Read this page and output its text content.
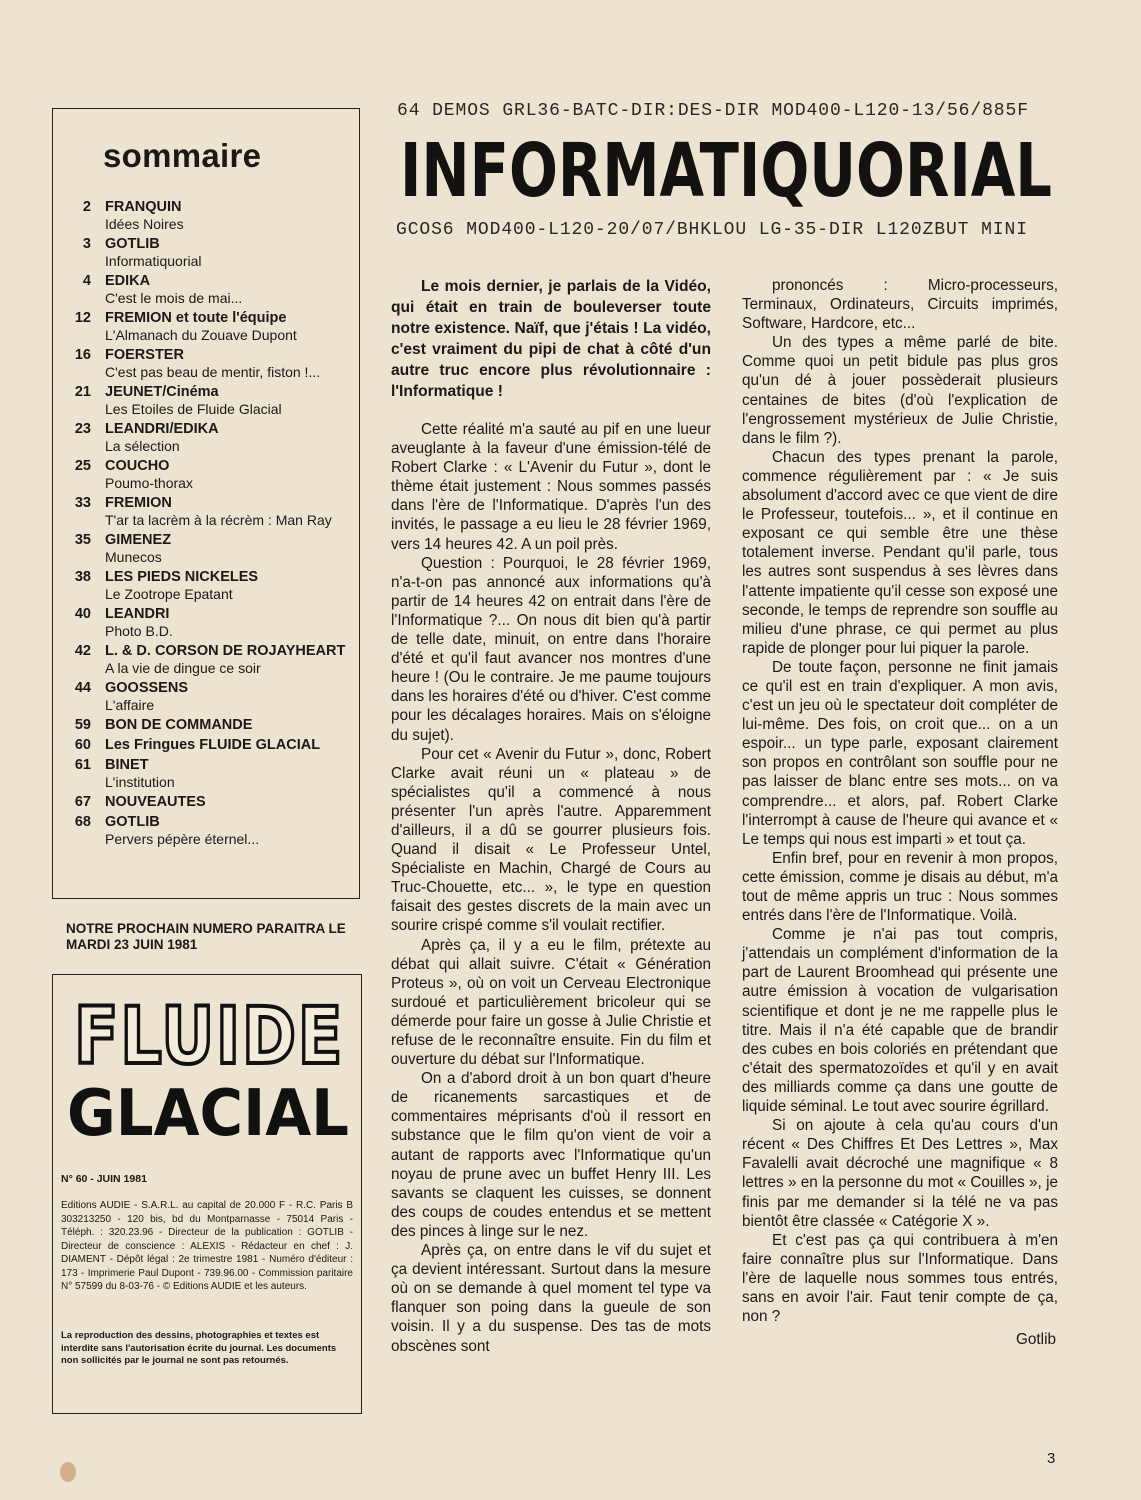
sommaire
2 FRANQUIN
Idées Noires
3 GOTLIB
Informatiquorial
4 EDIKA
C'est le mois de mai...
12 FREMION et toute l'équipe
L'Almanach du Zouave Dupont
16 FOERSTER
C'est pas beau de mentir, fiston !...
21 JEUNET/Cinéma
Les Etoiles de Fluide Glacial
23 LEANDRI/EDIKA
La sélection
25 COUCHO
Poumo-thorax
33 FREMION
T'ar ta lacrèm à la récrèm : Man Ray
35 GIMENEZ
Munecos
38 LES PIEDS NICKELES
Le Zootrope Epatant
40 LEANDRI
Photo B.D.
42 L. & D. CORSON DE ROJAYHEART
A la vie de dingue ce soir
44 GOOSSENS
L'affaire
59 BON DE COMMANDE
60 Les Fringues FLUIDE GLACIAL
61 BINET
L'institution
67 NOUVEAUTES
68 GOTLIB
Pervers pépère éternel...
NOTRE PROCHAIN NUMERO PARAITRA LE MARDI 23 JUIN 1981
FLUIDE
GLACIAL
N° 60 - JUIN 1981
Editions AUDIE - S.A.R.L. au capital de 20.000 F - R.C. Paris B 303213250 - 120 bis, bd du Montparnasse - 75014 Paris - Téléph. : 320.23.96 - Directeur de la publication : GOTLIB - Directeur de conscience : ALEXIS - Rédacteur en chef : J. DIAMENT - Dépôt légal : 2e trimestre 1981 - Numéro d'éditeur : 173 - Imprimerie Paul Dupont - 739.96.00 - Commission paritaire N° 57599 du 8-03-76 - © Editions AUDIE et les auteurs.
La reproduction des dessins, photographies et textes est interdite sans l'autorisation écrite du journal. Les documents non sollicités par le journal ne sont pas retournés.
64 DEMOS GRL36-BATC-DIR:DES-DIR MOD400-L120-13/56/885F
INFORMATIQUORIAL
GCOS6 MOD400-L120-20/07/BHKLOU LG-35-DIR L120ZBUT MINI

Le mois dernier, je parlais de la Vidéo, qui était en train de bouleverser toute notre existence. Naïf, que j'étais ! La vidéo, c'est vraiment du pipi de chat à côté d'un autre truc encore plus révolutionnaire : l'Informatique !

Cette réalité m'a sauté au pif en une lueur aveuglante à la faveur d'une émission-télé de Robert Clarke : « L'Avenir du Futur », dont le thème était justement : Nous sommes passés dans l'ère de l'Informatique. D'après l'un des invités, le passage a eu lieu le 28 février 1969, vers 14 heures 42. A un poil près.

Question : Pourquoi, le 28 février 1969, n'a-t-on pas annoncé aux informations qu'à partir de 14 heures 42 on entrait dans l'ère de l'Informatique ?... On nous dit bien qu'à partir de telle date, minuit, on entre dans l'horaire d'été et qu'il faut avancer nos montres d'une heure ! (Ou le contraire. Je me paume toujours dans les horaires d'été ou d'hiver. C'est comme pour les décalages horaires. Mais on s'éloigne du sujet).

Pour cet « Avenir du Futur », donc, Robert Clarke avait réuni un « plateau » de spécialistes qu'il a commencé à nous présenter l'un après l'autre. Apparemment d'ailleurs, il a dû se gourrer plusieurs fois. Quand il disait « Le Professeur Untel, Spécialiste en Machin, Chargé de Cours au Truc-Chouette, etc... », le type en question faisait des gestes discrets de la main avec un sourire crispé comme s'il voulait rectifier.

Après ça, il y a eu le film, prétexte au débat qui allait suivre. C'était « Génération Proteus », où on voit un Cerveau Electronique surdoué et particulièrement bricoleur qui se démerde pour faire un gosse à Julie Christie et refuse de le reconnaître ensuite. Fin du film et ouverture du débat sur l'Informatique.

On a d'abord droit à un bon quart d'heure de ricanements sarcastiques et de commentaires méprisants d'où il ressort en substance que le film qu'on vient de voir a autant de rapports avec l'Informatique qu'un noyau de prune avec un buffet Henry III. Les savants se claquent les cuisses, se donnent des coups de coudes entendus et se mettent des pinces à linge sur le nez.

Après ça, on entre dans le vif du sujet et ça devient intéressant. Surtout dans la mesure où on se demande à quel moment tel type va flanquer son poing dans la gueule de son voisin. Il y a du suspense. Des tas de mots obscènes sont

prononcés : Micro-processeurs, Terminaux, Ordinateurs, Circuits imprimés, Software, Hardcore, etc...

Un des types a même parlé de bite. Comme quoi un petit bidule pas plus gros qu'un dé à jouer possèderait plusieurs centaines de bites (d'où l'explication de l'engrossement mystérieux de Julie Christie, dans le film ?).

Chacun des types prenant la parole, commence régulièrement par : « Je suis absolument d'accord avec ce que vient de dire le Professeur, toutefois... », et il continue en exposant ce qui semble être une thèse totalement inverse. Pendant qu'il parle, tous les autres sont suspendus à ses lèvres dans l'attente impatiente qu'il cesse son exposé une seconde, le temps de reprendre son souffle au milieu d'une phrase, ce qui permet au plus rapide de plonger pour lui piquer la parole.

De toute façon, personne ne finit jamais ce qu'il est en train d'expliquer. A mon avis, c'est un jeu où le spectateur doit compléter de lui-même. Des fois, on croit que... on a un espoir... un type parle, exposant clairement son propos en contrôlant son souffle pour ne pas laisser de blanc entre ses mots... on va comprendre... et alors, paf. Robert Clarke l'interrompt à cause de l'heure qui avance et « Le temps qui nous est imparti » et tout ça.

Enfin bref, pour en revenir à mon propos, cette émission, comme je disais au début, m'a tout de même appris un truc : Nous sommes entrés dans l'ère de l'Informatique. Voilà.

Comme je n'ai pas tout compris, j'attendais un complément d'information de la part de Laurent Broomhead qui présente une autre émission à vocation de vulgarisation scientifique et dont je ne me rappelle plus le titre. Mais il n'a été capable que de brandir des cubes en bois coloriés en prétendant que c'était des spermatozoïdes et qu'il y en avait des milliards comme ça dans une goutte de liquide séminal. Le tout avec sourire égrillard.

Si on ajoute à cela qu'au cours d'un récent « Des Chiffres Et Des Lettres », Max Favalelli avait décroché une magnifique « 8 lettres » en la personne du mot « Couilles », je finis par me demander si la télé ne va pas bientôt être classée « Catégorie X ».

Et c'est pas ça qui contribuera à m'en faire connaître plus sur l'Informatique. Dans l'ère de laquelle nous sommes tous entrés, sans en avoir l'air. Faut tenir compte de ça, non ?

Gotlib
3
